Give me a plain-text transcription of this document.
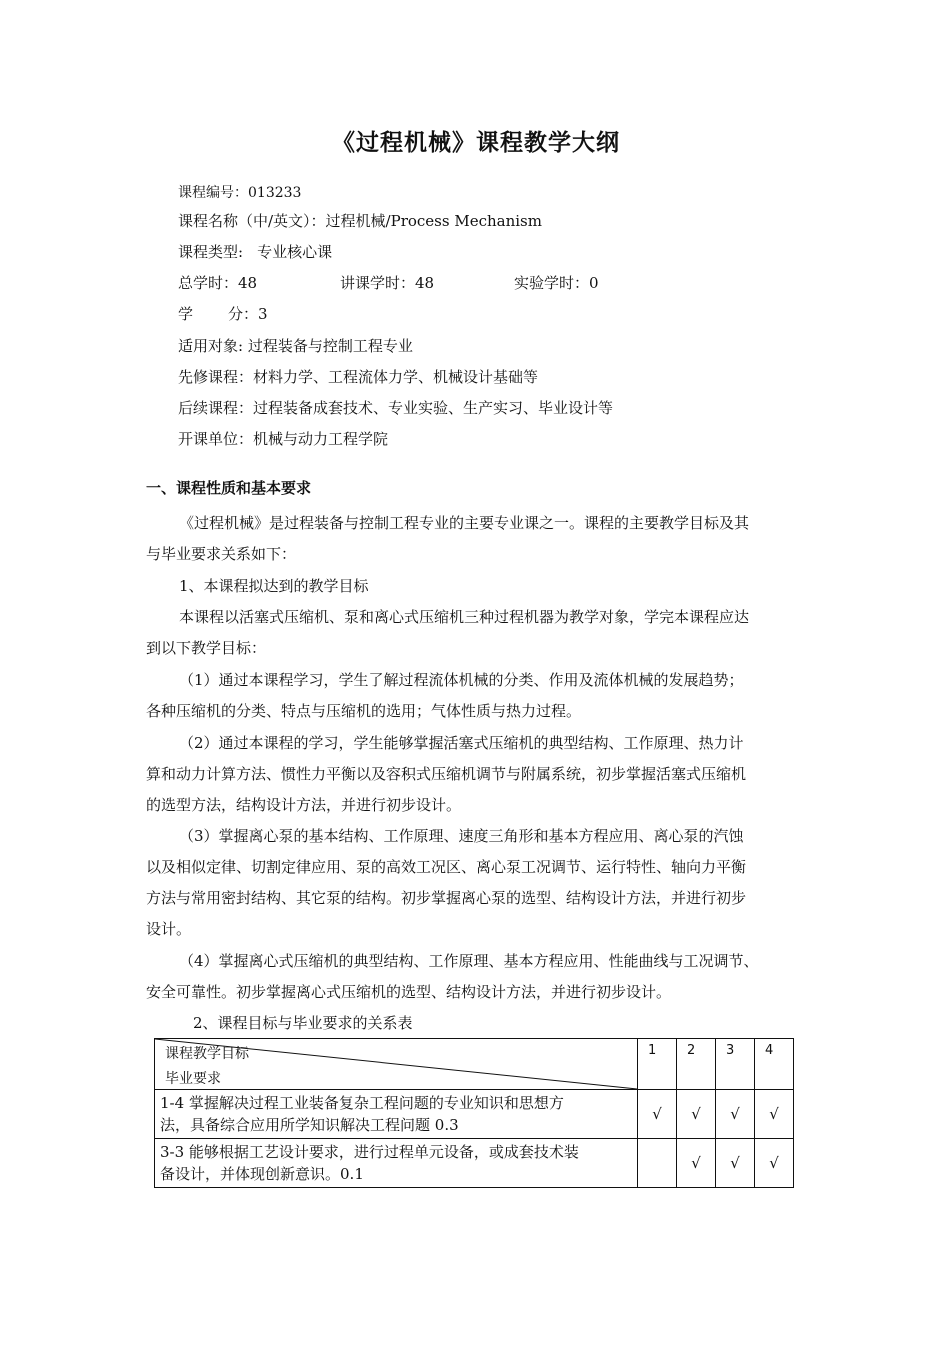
《过程机械》课程教学大纲
课程编号：013233
课程名称（中/英文）：过程机械/Process Mechanism
课程类型: 专业核心课
总学时：48	讲课学时：48	实验学时：0
学 分：3
适用对象: 过程装备与控制工程专业
先修课程：材料力学、工程流体力学、机械设计基础等
后续课程：过程装备成套技术、专业实验、生产实习、毕业设计等
开课单位：机械与动力工程学院
一、课程性质和基本要求
《过程机械》是过程装备与控制工程专业的主要专业课之一。课程的主要教学目标及其
与毕业要求关系如下：
1、本课程拟达到的教学目标
本课程以活塞式压缩机、泵和离心式压缩机三种过程机器为教学对象，学完本课程应达
到以下教学目标：
（1）通过本课程学习，学生了解过程流体机械的分类、作用及流体机械的发展趋势；
各种压缩机的分类、特点与压缩机的选用；气体性质与热力过程。
（2）通过本课程的学习，学生能够掌握活塞式压缩机的典型结构、工作原理、热力计
算和动力计算方法、惯性力平衡以及容积式压缩机调节与附属系统，初步掌握活塞式压缩机
的选型方法，结构设计方法，并进行初步设计。
（3）掌握离心泵的基本结构、工作原理、速度三角形和基本方程应用、离心泵的汽蚀
以及相似定律、切割定律应用、泵的高效工况区、离心泵工况调节、运行特性、轴向力平衡
方法与常用密封结构、其它泵的结构。初步掌握离心泵的选型、结构设计方法，并进行初步
设计。
（4）掌握离心式压缩机的典型结构、工作原理、基本方程应用、性能曲线与工况调节、
安全可靠性。初步掌握离心式压缩机的选型、结构设计方法，并进行初步设计。
2、课程目标与毕业要求的关系表
课程教学目标
毕业要求	1	2	3	4

1-4 掌握解决过程工业装备复杂工程问题的专业知识和思想方
法，具备综合应用所学知识解决工程问题 0.3	√	√	√	√

3-3 能够根据工艺设计要求，进行过程单元设备，或成套技术装
备设计，并体现创新意识。0.1		√	√	√
